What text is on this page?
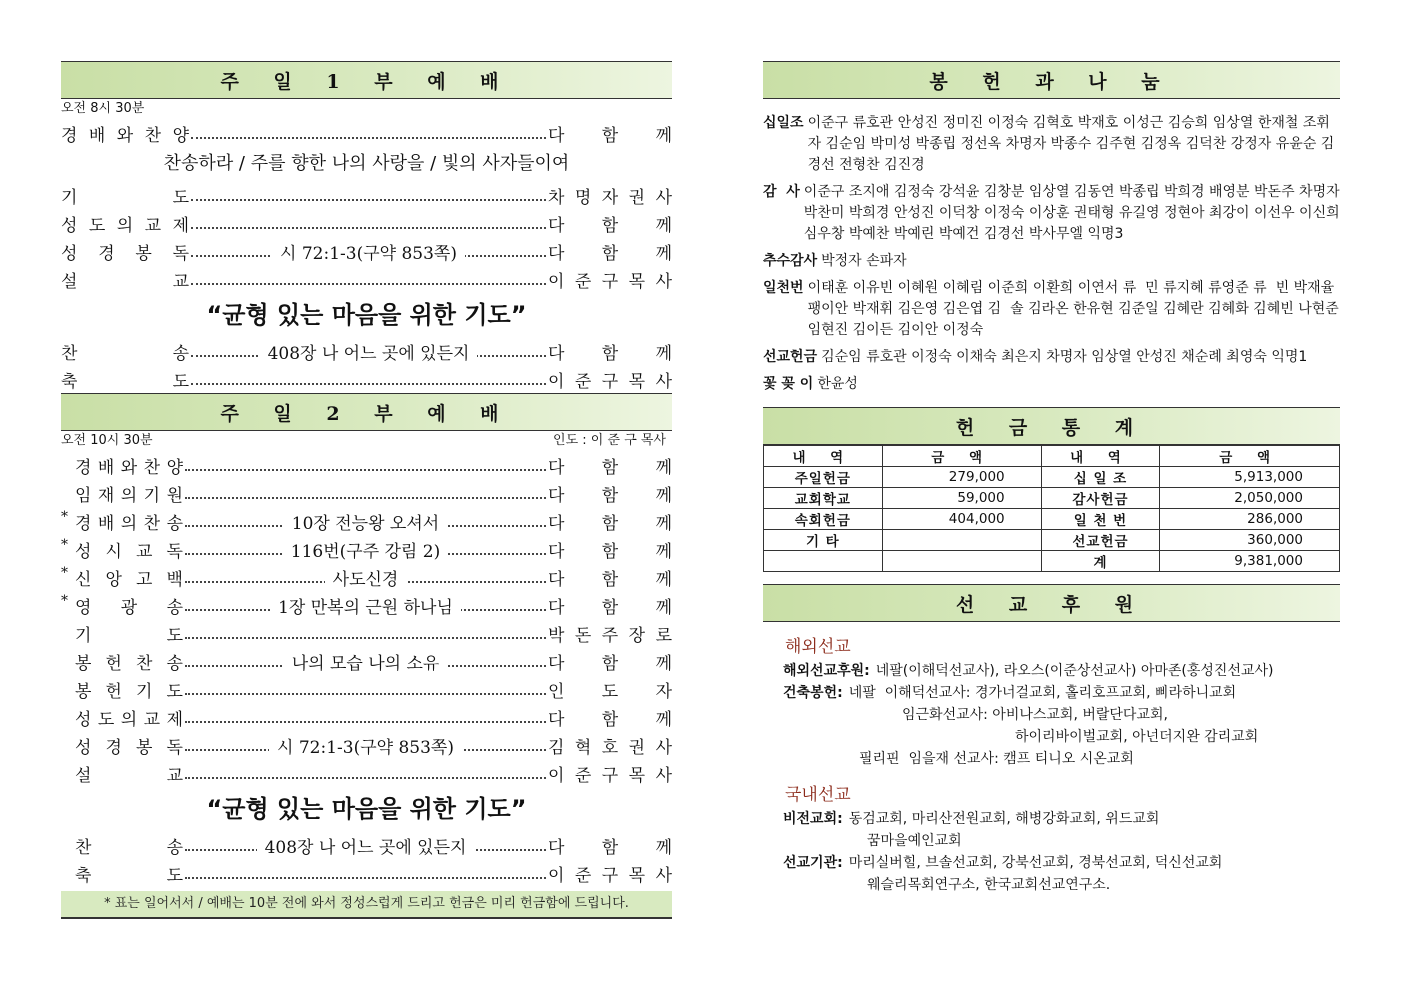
주 일 1 부 예 배
오전 8시 30분
경 배 와 찬 양	다 함 께
찬송하라 / 주를 향한 나의 사랑을 / 빛의 사자들이여
기	도	차 명 자 권 사
성 도 의 교 제	다 함 께
성 경 봉 독	시 72:1-3(구약 853쪽)	다 함 께
설	교	이 준 구 목 사
“균형 있는 마음을 위한 기도”
찬	송	408장 나 어느 곳에 있든지	다 함 께
축	도	이 준 구 목 사
주 일 2 부 예 배
오전 10시 30분	인도 : 이 준 구 목사
경 배 와 찬 양	다 함 께
임 재 의 기 원	다 함 께
* 경 배 의 찬 송	10장 전능왕 오셔서	다 함 께
* 성 시 교 독	116번(구주 강림 2)	다 함 께
* 신 앙 고 백	사도신경	다 함 께
* 영 광 송	1장 만복의 근원 하나님	다 함 께
기	도	박 돈 주 장 로
봉 헌 찬 송	나의 모습 나의 소유	다 함 께
봉 헌 기 도	인 도 자
성 도 의 교 제	다 함 께
성 경 봉 독	시 72:1-3(구약 853쪽)	김 혁 호 권 사
설	교	이 준 구 목 사
“균형 있는 마음을 위한 기도”
찬	송	408장 나 어느 곳에 있든지	다 함 께
축	도	이 준 구 목 사
* 표는 일어서서 / 예배는 10분 전에 와서 정성스럽게 드리고 헌금은 미리 헌금함에 드립니다.
봉 헌 과 나 눔
십일조 이준구 류호관 안성진 정미진 이정숙 김혁호 박재호 이성근 김승희 임상열 한재철 조휘자 김순임 박미성 박종립 정선옥 차명자 박종수 김주현 김정옥 김덕찬 강정자 유윤순 김경선 전형찬 김진경
감  사 이준구 조지애 김정숙 강석윤 김창분 임상열 김동연 박종립 박희경 배영분 박돈주 차명자 박찬미 박희경 안성진 이덕창 이정숙 이상훈 권태형 유길영 정현아 최강이 이선우 이신희 심우창 박예찬 박예린 박예건 김경선 박사무엘 익명3
추수감사 박정자 손파자
일천번 이태훈 이유빈 이혜원 이혜림 이준희 이환희 이연서 류  민 류지혜 류영준 류  빈 박재율 팽이안 박재휘 김은영 김은엽 김  솔 김라온 한유현 김준일 김혜란 김혜화 김혜빈 나현준 임현진 김이든 김이안 이정숙
선교헌금 김순임 류호관 이정숙 이채숙 최은지 차명자 임상열 안성진 채순례 최영숙 익명1
꽃 꽂 이 한윤성
헌 금 통 계
내 역	금 액	내 역	금 액
주일헌금	279,000	십 일 조	5,913,000
교회학교	59,000	감사헌금	2,050,000
속회헌금	404,000	일 천 번	286,000
기 타		선교헌금	360,000
		계	9,381,000
선 교 후 원
해외선교
해외선교후원: 네팔(이해덕선교사), 라오스(이준상선교사) 아마존(홍성진선교사)
건축봉헌: 네팔  이해덕선교사: 경가너걸교회, 홀리호프교회, 삐라하니교회
임근화선교사: 아비나스교회, 버랄단다교회,
하이리바이벌교회, 아넌더지완 감리교회
필리핀  임을재 선교사: 캠프 티니오 시온교회
국내선교
비전교회: 동검교회, 마리산전원교회, 해병강화교회, 위드교회
꿈마을예인교회
선교기관: 마리실버힐, 브솔선교회, 강북선교회, 경북선교회, 덕신선교회
웨슬리목회연구소, 한국교회선교연구소.
